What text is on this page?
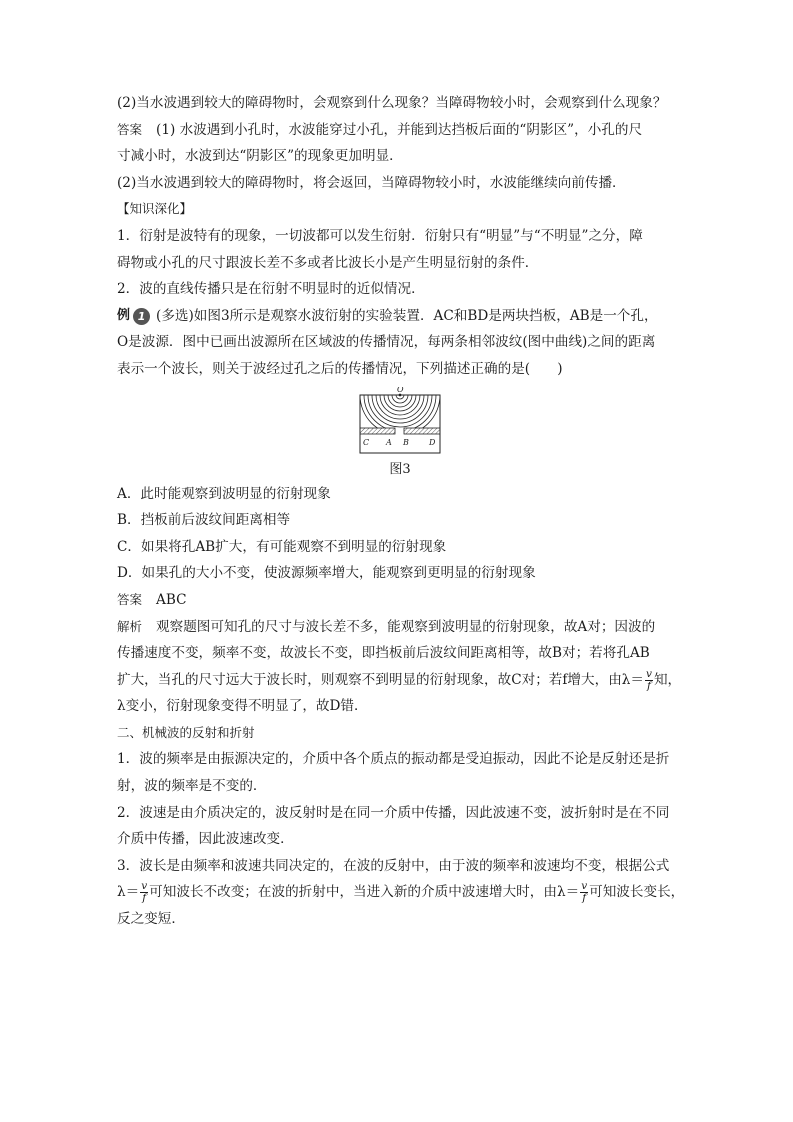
(2)当水波遇到较大的障碍物时，会观察到什么现象？当障碍物较小时，会观察到什么现象？
答案 (1) 水波遇到小孔时，水波能穿过小孔，并能到达挡板后面的“阴影区”，小孔的尺
寸减小时，水波到达“阴影区”的现象更加明显．
(2)当水波遇到较大的障碍物时，将会返回，当障碍物较小时，水波能继续向前传播．
【知识深化】
1．衍射是波特有的现象，一切波都可以发生衍射．衍射只有“明显”与“不明显”之分，障
碍物或小孔的尺寸跟波长差不多或者比波长小是产生明显衍射的条件．
2．波的直线传播只是在衍射不明显时的近似情况．
例 1 (多选)如图3所示是观察水波衍射的实验装置．AC和BD是两块挡板，AB是一个孔，
O是波源．图中已画出波源所在区域波的传播情况，每两条相邻波纹(图中曲线)之间的距离
表示一个波长，则关于波经过孔之后的传播情况，下列描述正确的是(　　)
O
C A B	D
图3
A．此时能观察到波明显的衍射现象
B．挡板前后波纹间距离相等
C．如果将孔AB扩大，有可能观察不到明显的衍射现象
D．如果孔的大小不变，使波源频率增大，能观察到更明显的衍射现象
答案 ABC
解析 观察题图可知孔的尺寸与波长差不多，能观察到波明显的衍射现象，故A对；因波的
传播速度不变，频率不变，故波长不变，即挡板前后波纹间距离相等，故B对；若将孔AB
扩大，当孔的尺寸远大于波长时，则观察不到明显的衍射现象，故C对；若f增大，由$\lambda= \frac{v}{f}$ 知，
λ变小，衍射现象变得不明显了，故D错．
二、机械波的反射和折射
1．波的频率是由振源决定的，介质中各个质点的振动都是受迫振动，因此不论是反射还是折
射，波的频率是不变的．
2．波速是由介质决定的，波反射时是在同一介质中传播，因此波速不变，波折射时是在不同
介质中传播，因此波速改变．
3．波长是由频率和波速共同决定的，在波的反射中，由于波的频率和波速均不变，根据公式
$\lambda= \frac{v}{f}$ 可知波长不改变；在波的折射中，当进入新的介质中波速增大时，由$\lambda= \frac{v}{f}$ 可知波长变长，
反之变短．
